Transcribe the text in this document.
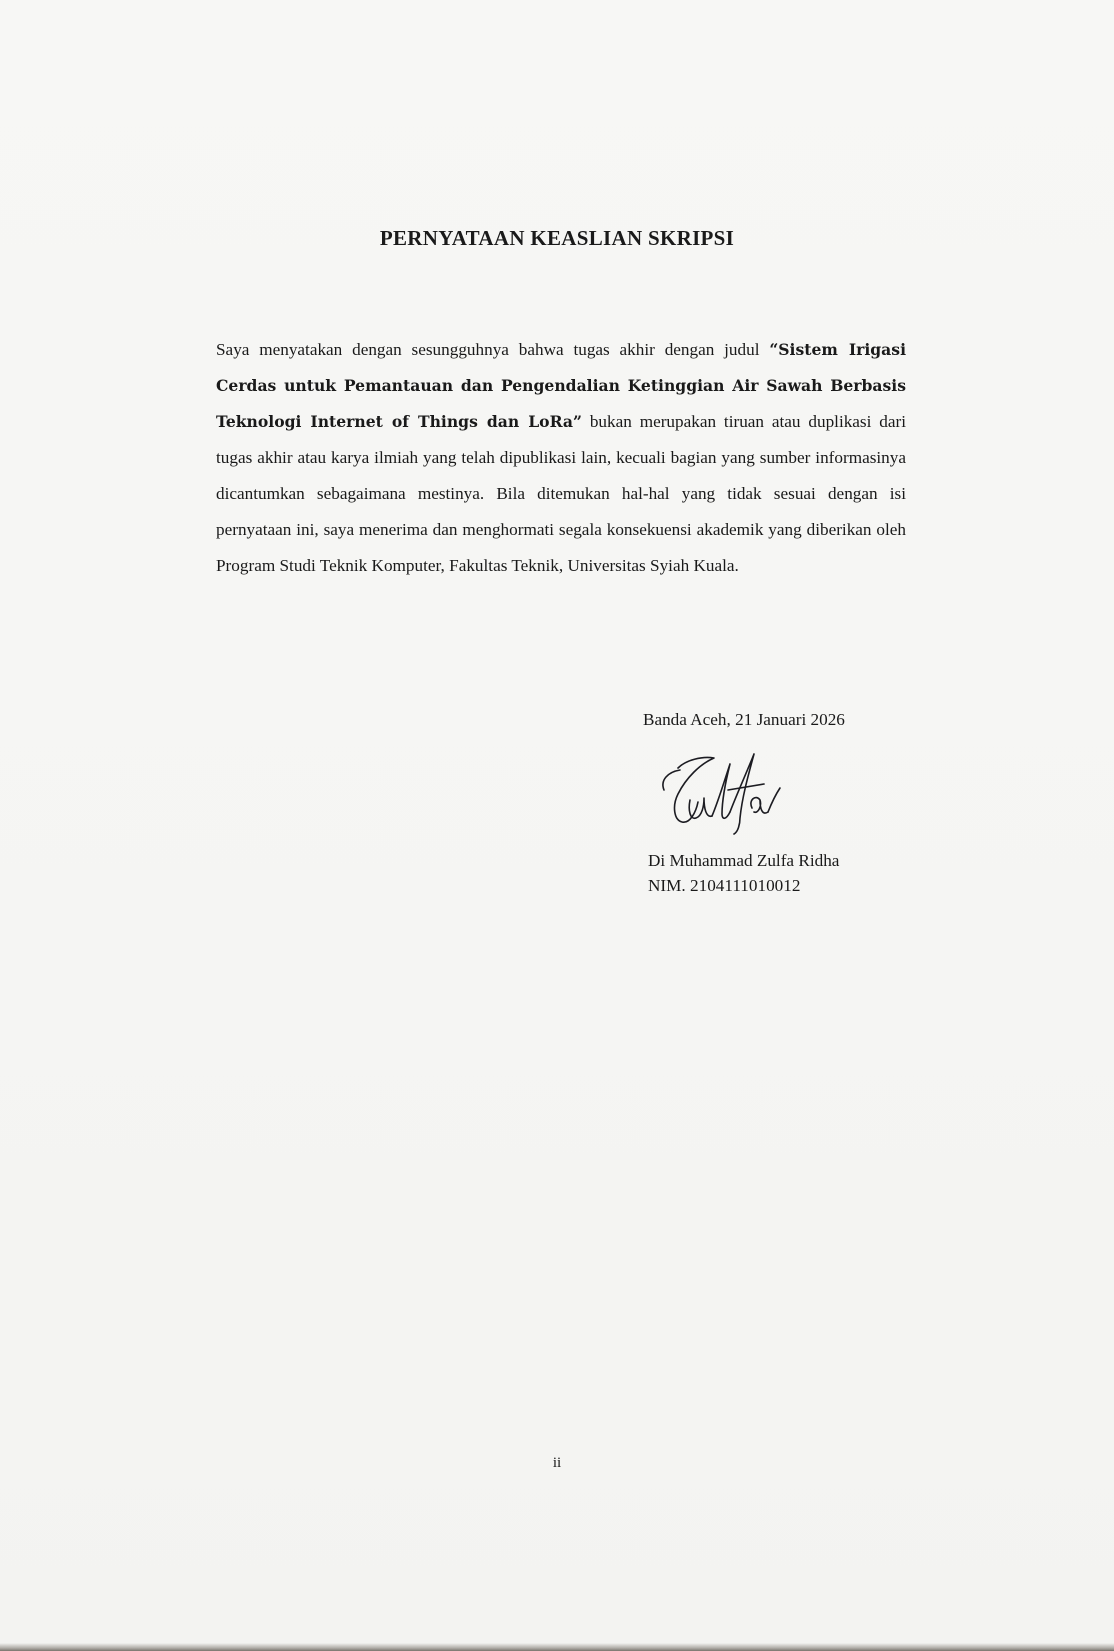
PERNYATAAN KEASLIAN SKRIPSI

Saya menyatakan dengan sesungguhnya bahwa tugas akhir dengan judul “Sistem Irigasi Cerdas untuk Pemantauan dan Pengendalian Ketinggian Air Sawah Berbasis Teknologi Internet of Things dan LoRa” bukan merupakan tiruan atau duplikasi dari tugas akhir atau karya ilmiah yang telah dipublikasi lain, kecuali bagian yang sumber informasinya dicantumkan sebagaimana mestinya. Bila ditemukan hal-hal yang tidak sesuai dengan isi pernyataan ini, saya menerima dan menghormati segala konsekuensi akademik yang diberikan oleh Program Studi Teknik Komputer, Fakultas Teknik, Universitas Syiah Kuala.

Banda Aceh, 21 Januari 2026
Di Muhammad Zulfa Ridha
NIM. 2104111010012
ii
